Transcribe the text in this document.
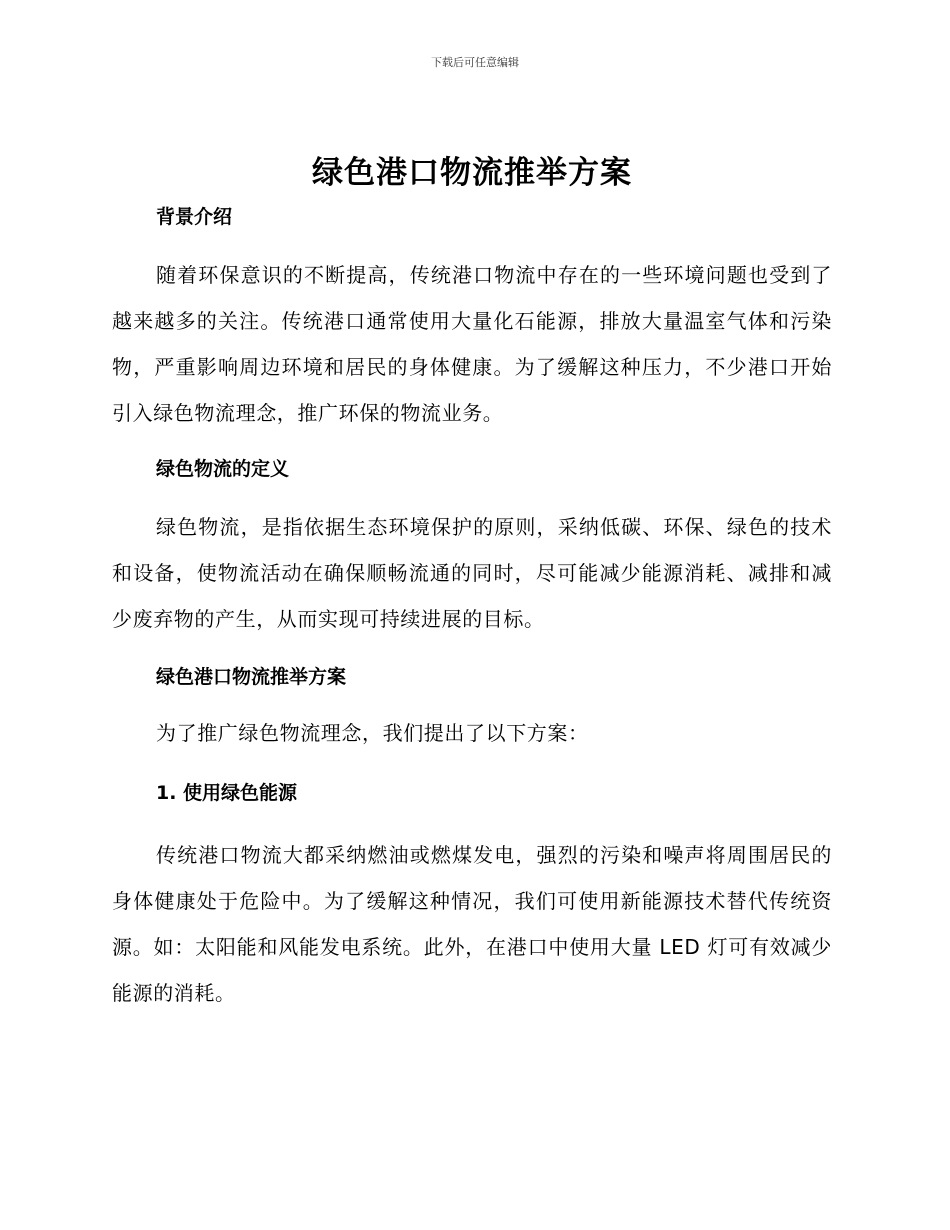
下载后可任意编辑
绿色港口物流推举方案
背景介绍

随着环保意识的不断提高，传统港口物流中存在的一些环境问题也受到了越来越多的关注。传统港口通常使用大量化石能源，排放大量温室气体和污染物，严重影响周边环境和居民的身体健康。为了缓解这种压力，不少港口开始引入绿色物流理念，推广环保的物流业务。

绿色物流的定义

绿色物流，是指依据生态环境保护的原则，采纳低碳、环保、绿色的技术和设备，使物流活动在确保顺畅流通的同时，尽可能减少能源消耗、减排和减少废弃物的产生，从而实现可持续进展的目标。

绿色港口物流推举方案

为了推广绿色物流理念，我们提出了以下方案：

1. 使用绿色能源

传统港口物流大都采纳燃油或燃煤发电，强烈的污染和噪声将周围居民的身体健康处于危险中。为了缓解这种情况，我们可使用新能源技术替代传统资源。如：太阳能和风能发电系统。此外，在港口中使用大量 LED 灯可有效减少能源的消耗。
